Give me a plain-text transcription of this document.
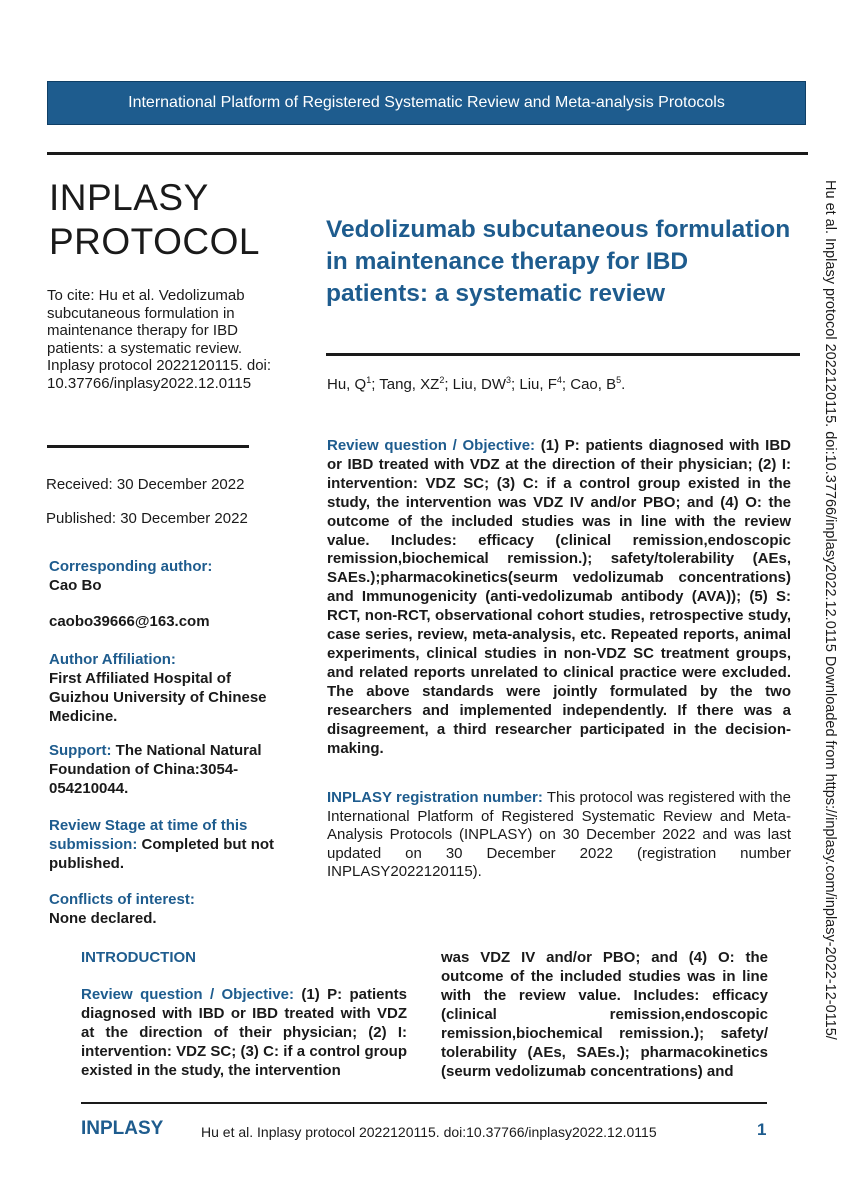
International Platform of Registered Systematic Review and Meta-analysis Protocols
INPLASY
PROTOCOL
To cite: Hu et al. Vedolizumab subcutaneous formulation in maintenance therapy for IBD patients: a systematic review. Inplasy protocol 2022120115. doi: 10.37766/inplasy2022.12.0115
Received: 30 December 2022
Published: 30 December 2022
Corresponding author:
Cao Bo
caobo39666@163.com
Author Affiliation:
First Affiliated Hospital of Guizhou University of Chinese Medicine.
Support: The National Natural Foundation of China:3054-054210044.
Review Stage at time of this submission: Completed but not published.
Conflicts of interest:
None declared.
Vedolizumab subcutaneous formulation in maintenance therapy for IBD patients: a systematic review
Hu, $Q^1$; Tang, $XZ^2$; Liu, $DW^3$; Liu, $F^4$; Cao, $B^5$.
Review question / Objective: (1) P: patients diagnosed with IBD or IBD treated with VDZ at the direction of their physician; (2) I: intervention: VDZ SC; (3) C: if a control group existed in the study, the intervention was VDZ IV and/or PBO; and (4) O: the outcome of the included studies was in line with the review value. Includes: efficacy (clinical remission,endoscopic remission,biochemical remission.); safety/tolerability (AEs, SAEs.);pharmacokinetics(seurm vedolizumab concentrations) and Immunogenicity (anti-vedolizumab antibody (AVA)); (5) S: RCT, non-RCT, observational cohort studies, retrospective study, case series, review, meta-analysis, etc. Repeated reports, animal experiments, clinical studies in non-VDZ SC treatment groups, and related reports unrelated to clinical practice were excluded. The above standards were jointly formulated by the two researchers and implemented independently. If there was a disagreement, a third researcher participated in the decision-making.
INPLASY registration number: This protocol was registered with the International Platform of Registered Systematic Review and Meta-Analysis Protocols (INPLASY) on 30 December 2022 and was last updated on 30 December 2022 (registration number INPLASY2022120115).
INTRODUCTION
Review question / Objective: (1) P: patients diagnosed with IBD or IBD treated with VDZ at the direction of their physician; (2) I: intervention: VDZ SC; (3) C: if a control group existed in the study, the intervention
was VDZ IV and/or PBO; and (4) O: the outcome of the included studies was in line with the review value. Includes: efficacy (clinical remission,endoscopic remission,biochemical remission.); safety/ tolerability (AEs, SAEs.); pharmacokinetics (seurm vedolizumab concentrations) and
Hu et al. Inplasy protocol 2022120115. doi:10.37766/inplasy2022.12.0115 Downloaded from https://inplasy.com/inplasy-2022-12-0115/
INPLASY	Hu et al. Inplasy protocol 2022120115. doi:10.37766/inplasy2022.12.0115	1
